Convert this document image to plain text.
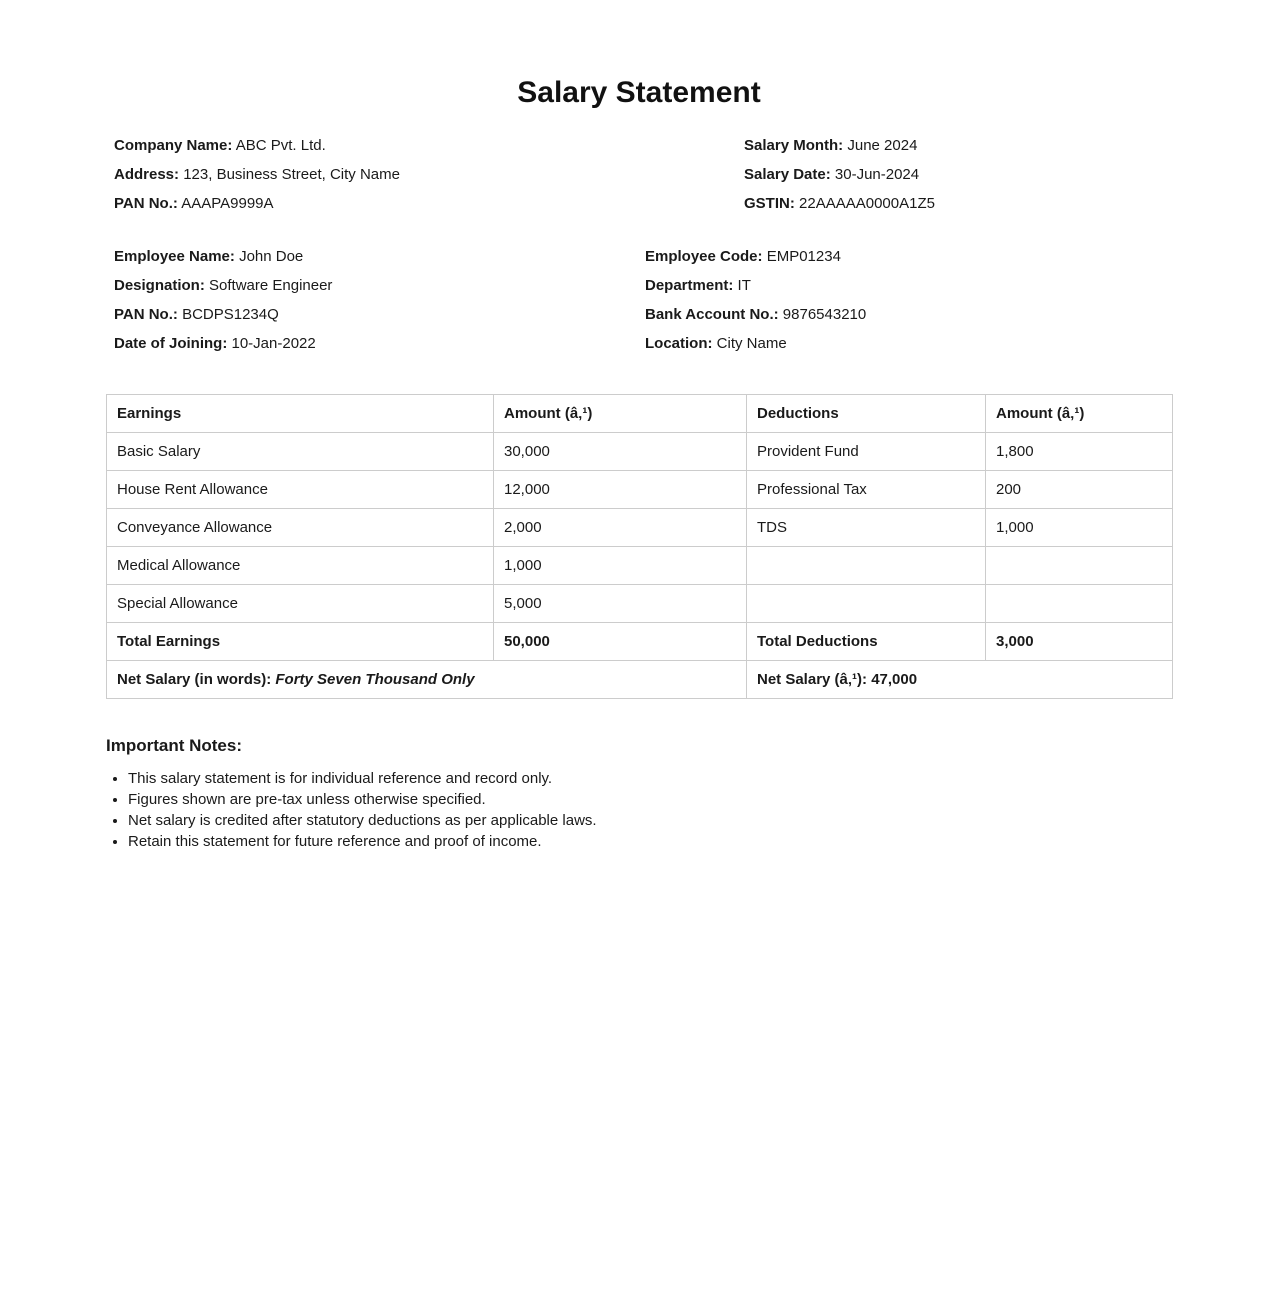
Salary Statement

Company Name: ABC Pvt. Ltd.

Address: 123, Business Street, City Name

PAN No.: AAAPA9999A

Salary Month: June 2024

Salary Date: 30-Jun-2024

GSTIN: 22AAAAA0000A1Z5

Employee Name: John Doe

Designation: Software Engineer

PAN No.: BCDPS1234Q

Date of Joining: 10-Jan-2022

Employee Code: EMP01234

Department: IT

Bank Account No.: 9876543210

Location: City Name

Earnings	Amount (â‚¹)	Deductions	Amount (â‚¹)
Basic Salary	30,000	Provident Fund	1,800
House Rent Allowance	12,000	Professional Tax	200
Conveyance Allowance	2,000	TDS	1,000
Medical Allowance	1,000		
Special Allowance	5,000		
Total Earnings	50,000	Total Deductions	3,000
Net Salary (in words): Forty Seven Thousand Only		Net Salary (â‚¹): 47,000	

Important Notes:

• This salary statement is for individual reference and record only.
• Figures shown are pre-tax unless otherwise specified.
• Net salary is credited after statutory deductions as per applicable laws.
• Retain this statement for future reference and proof of income.
